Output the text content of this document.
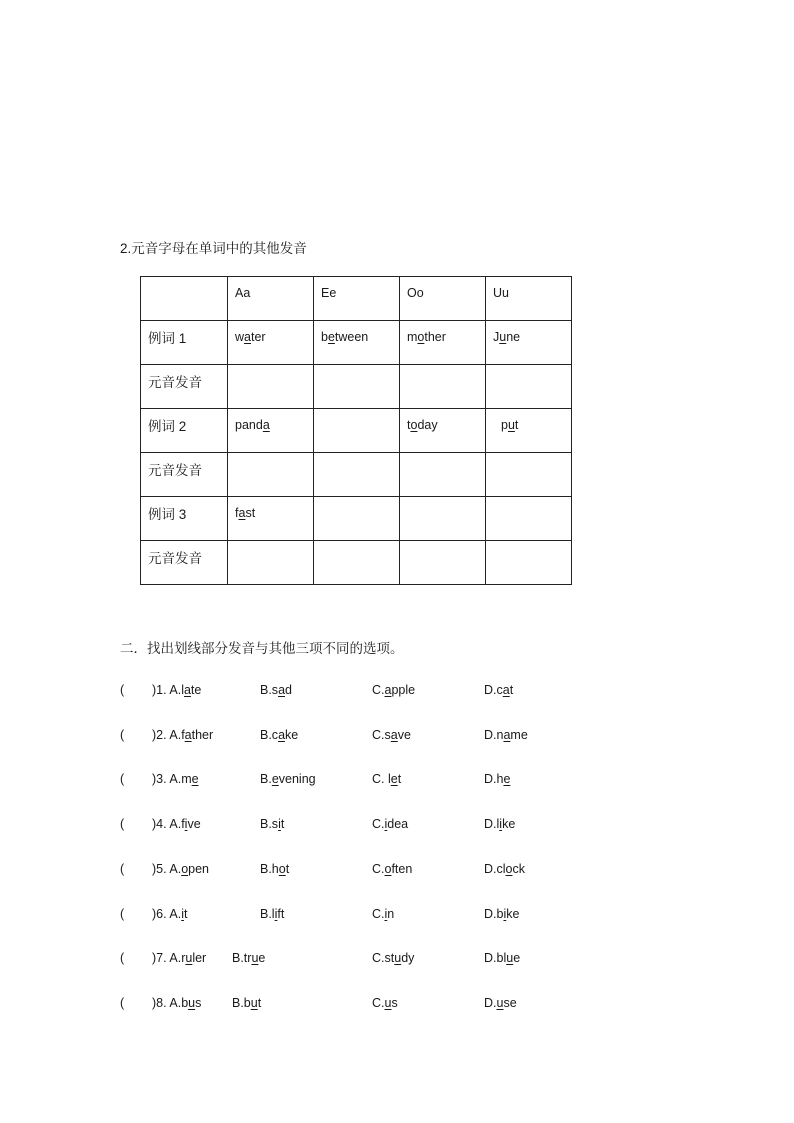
2.元音字母在单词中的其他发音
	Aa	Ee	Oo	Uu
例词 1	water	between	mother	June
元音发音				
例词 2	panda		today	put
元音发音				
例词 3	fast			
元音发音				
二．找出划线部分发音与其他三项不同的选项。
( )1. A.late	B.sad	C.apple	D.cat
( )2. A.father	B.cake	C.save	D.name
( )3. A.me	B.evening	C. let	D.he
( )4. A.five	B.sit	C.idea	D.like
( )5. A.open	B.hot	C.often	D.clock
( )6. A.it	B.lift	C.in	D.bike
( )7. A.ruler B.true	C.study	D.blue
( )8. A.bus B.but	C.us	D.use
